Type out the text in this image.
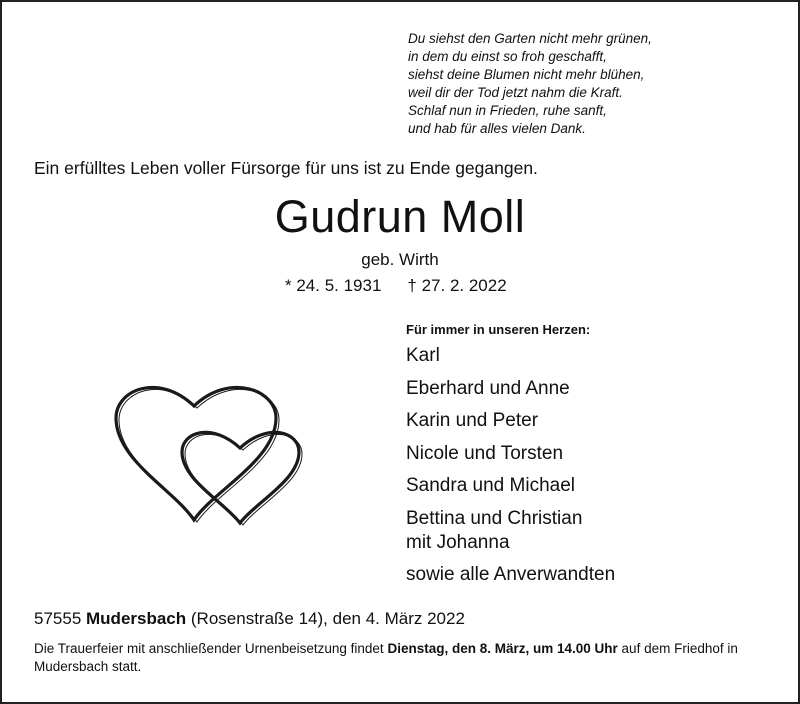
Du siehst den Garten nicht mehr grünen,
in dem du einst so froh geschafft,
siehst deine Blumen nicht mehr blühen,
weil dir der Tod jetzt nahm die Kraft.
Schlaf nun in Frieden, ruhe sanft,
und hab für alles vielen Dank.
Ein erfülltes Leben voller Fürsorge für uns ist zu Ende gegangen.
Gudrun Moll
geb. Wirth
* 24. 5. 1931 † 27. 2. 2022
Für immer in unseren Herzen:
Karl
Eberhard und Anne
Karin und Peter
Nicole und Torsten
Sandra und Michael
Bettina und Christian
mit Johanna
sowie alle Anverwandten
57555 Mudersbach (Rosenstraße 14), den 4. März 2022
Die Trauerfeier mit anschließender Urnenbeisetzung findet Dienstag, den 8. März, um 14.00 Uhr auf dem Friedhof in Mudersbach statt.
